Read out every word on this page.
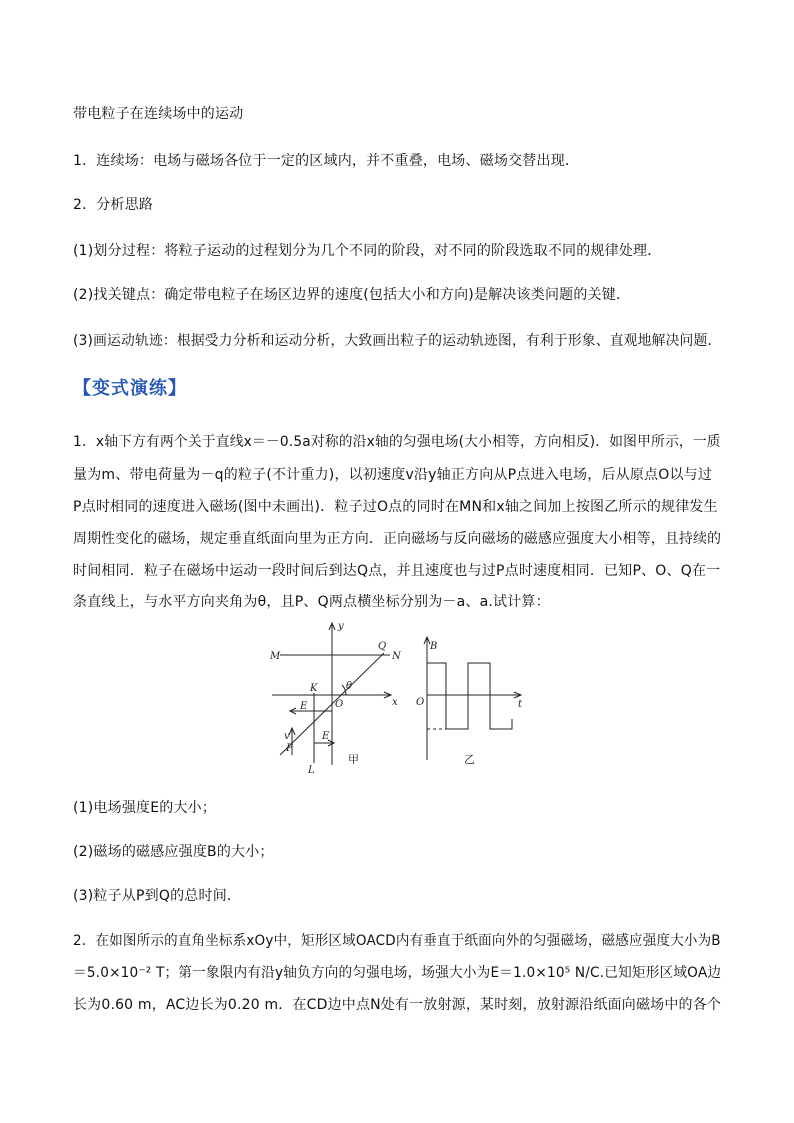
带电粒子在连续场中的运动
1．连续场：电场与磁场各位于一定的区域内，并不重叠，电场、磁场交替出现．
2．分析思路
(1)划分过程：将粒子运动的过程划分为几个不同的阶段，对不同的阶段选取不同的规律处理．
(2)找关键点：确定带电粒子在场区边界的速度(包括大小和方向)是解决该类问题的关键．
(3)画运动轨迹：根据受力分析和运动分析，大致画出粒子的运动轨迹图，有利于形象、直观地解决问题．
【变式演练】
1．x轴下方有两个关于直线x＝－0.5a对称的沿x轴的匀强电场(大小相等，方向相反)．如图甲所示，一质
量为m、带电荷量为－q的粒子(不计重力)，以初速度v沿y轴正方向从P点进入电场，后从原点O以与过
P点时相同的速度进入磁场(图中未画出)．粒子过O点的同时在MN和x轴之间加上按图乙所示的规律发生
周期性变化的磁场，规定垂直纸面向里为正方向．正向磁场与反向磁场的磁感应强度大小相等，且持续的
时间相同．粒子在磁场中运动一段时间后到达Q点，并且速度也与过P点时速度相同．已知P、O、Q在一
条直线上，与水平方向夹角为θ，且P、Q两点横坐标分别为－a、a.试计算：
y
M	N
Q
K	θ
x
O
E
E
v
P
L
B
O	t
甲	乙
(1)电场强度E的大小；
(2)磁场的磁感应强度B的大小；
(3)粒子从P到Q的总时间．
2．在如图所示的直角坐标系xOy中，矩形区域OACD内有垂直于纸面向外的匀强磁场，磁感应强度大小为B
＝5.0×10⁻² T；第一象限内有沿y轴负方向的匀强电场，场强大小为E＝1.0×10⁵ N/C.已知矩形区域OA边
长为0.60 m，AC边长为0.20 m．在CD边中点N处有一放射源，某时刻，放射源沿纸面向磁场中的各个
